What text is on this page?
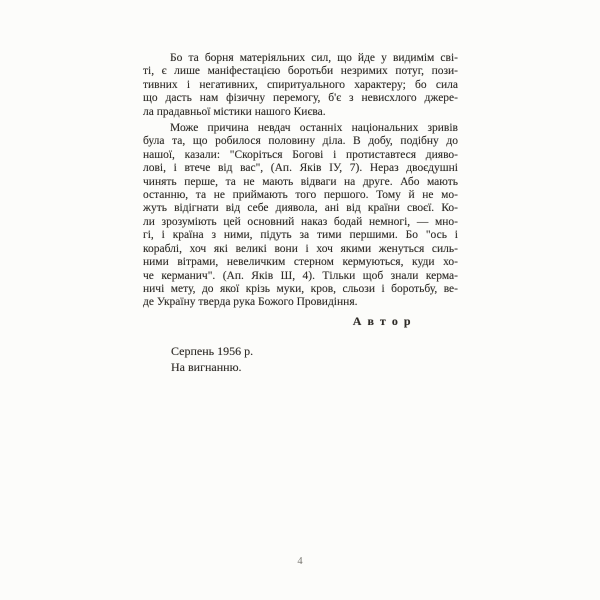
Бо та борня матеріяльних сил, що йде у видимім сві-
ті, є лише маніфестацією боротьби незримих потуг, пози-
тивних і негативних, спиритуального характеру; бо сила
що дасть нам фізичну перемогу, б'є з невисхлого джере-
ла прадавньої містики нашого Києва.
Може причина невдач останніх національних зривів
була та, що робилося половину діла. В добу, подібну до
нашої, казали: "Скоріться Богові і протиставтеся дияво-
лові, і втече від вас", (Ап. Яків ІУ, 7). Нераз двоєдушні
чинять перше, та не мають відваги на друге. Або мають
останню, та не приймають того першого. Тому й не мо-
жуть відігнати від себе диявола, ані від країни своєї. Ко-
ли зрозуміють цей основний наказ бодай немногі, — мно-
гі, і країна з ними, підуть за тими першими. Бо "ось і
кораблі, хоч які великі вони і хоч якими женуться силь-
ними вітрами, невеличким стерном кермуються, куди хо-
че керманич". (Ап. Яків Ш, 4). Тільки щоб знали керма-
ничі мету, до якої крізь муки, кров, сльози і боротьбу, ве-
де Україну тверда рука Божого Провидіння.
А в т о р
Серпень 1956 р.
На вигнанню.
4
